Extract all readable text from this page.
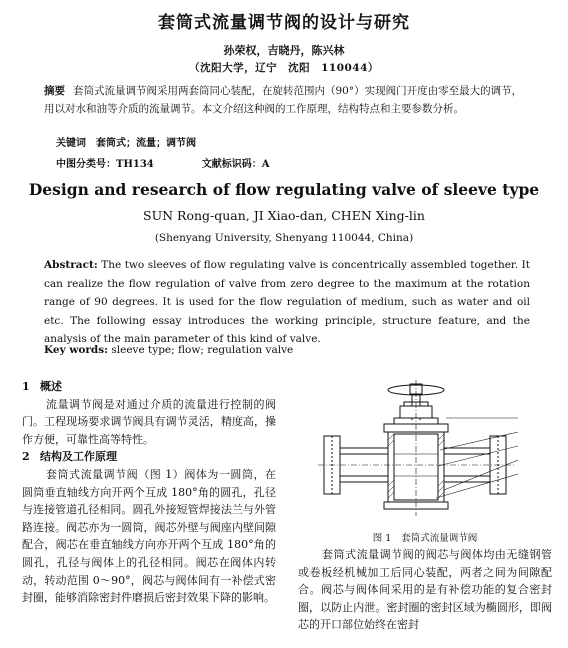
套筒式流量调节阀的设计与研究
孙荣权，吉晓丹，陈兴林
（沈阳大学，辽宁　沈阳　110044）
摘要 套筒式流量调节阀采用两套筒同心装配，在旋转范围内（90°）实现阀门开度由零至最大的调节，用以对水和油等介质的流量调节。本文介绍这种阀的工作原理，结构特点和主要参数分析。
关键词　套筒式；流量；调节阀
中图分类号：TH134	文献标识码：A
Design and research of flow regulating valve of sleeve type
SUN Rong-quan, JI Xiao-dan, CHEN Xing-lin
(Shenyang University, Shenyang 110044, China)
Abstract: The two sleeves of flow regulating valve is concentrically assembled together. It can realize the flow regulation of valve from zero degree to the maximum at the rotation range of 90 degrees. It is used for the flow regulation of medium, such as water and oil etc. The following essay introduces the working principle, structure feature, and the analysis of the main parameter of this kind of valve.
Key words: sleeve type; flow; regulation valve

1 概述

流量调节阀是对通过介质的流量进行控制的阀门。工程现场要求调节阀具有调节灵活，精度高，操作方便，可靠性高等特性。

2 结构及工作原理

套筒式流量调节阀（图 1）阀体为一圆筒，在圆筒垂直轴线方向开两个互成 180°角的圆孔，孔径与连接管道孔径相同。圆孔外接短管焊接法兰与外管路连接。阀芯亦为一圆筒，阀芯外壁与阀座内壁间隙配合，阀芯在垂直轴线方向亦开两个互成 180°角的圆孔，孔径与阀体上的孔径相同。阀芯在阀体内转动，转动范围 0～90°，阀芯与阀体间有一补偿式密封圈，能够消除密封件磨损后密封效果下降的影响。

图 1 套筒式流量调节阀

套筒式流量调节阀的阀芯与阀体均由无缝钢管或卷板经机械加工后同心装配，两者之间为间隙配合。阀芯与阀体间采用的是有补偿功能的复合密封圈，以防止内泄。密封圈的密封区域为椭圆形，即阀芯的开口部位始终在密封
